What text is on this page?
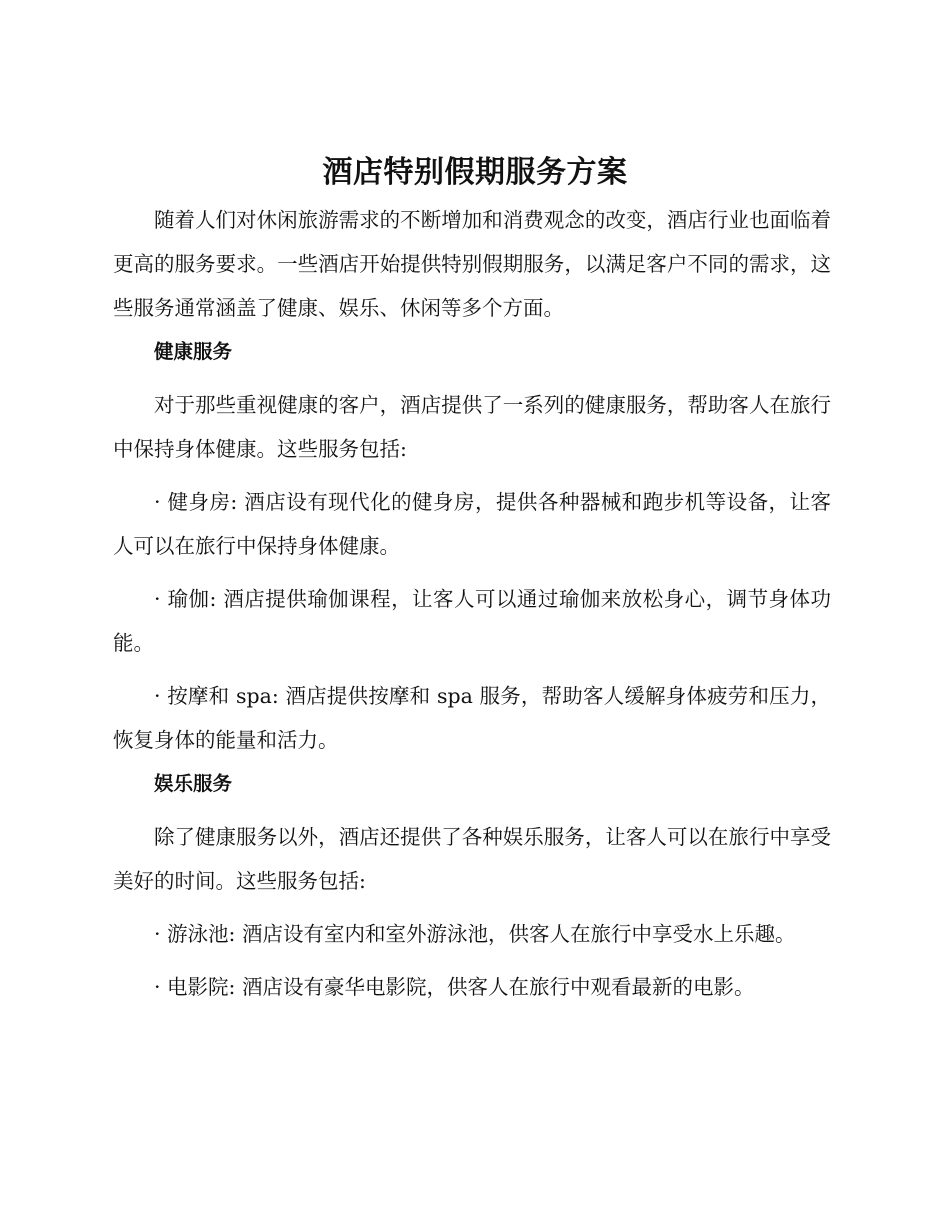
酒店特别假期服务方案

随着人们对休闲旅游需求的不断增加和消费观念的改变，酒店行业也面临着更高的服务要求。一些酒店开始提供特别假期服务，以满足客户不同的需求，这些服务通常涵盖了健康、娱乐、休闲等多个方面。

健康服务

对于那些重视健康的客户，酒店提供了一系列的健康服务，帮助客人在旅行中保持身体健康。这些服务包括:

· 健身房: 酒店设有现代化的健身房，提供各种器械和跑步机等设备，让客人可以在旅行中保持身体健康。

· 瑜伽: 酒店提供瑜伽课程，让客人可以通过瑜伽来放松身心，调节身体功能。

· 按摩和 spa: 酒店提供按摩和 spa 服务，帮助客人缓解身体疲劳和压力，恢复身体的能量和活力。

娱乐服务

除了健康服务以外，酒店还提供了各种娱乐服务，让客人可以在旅行中享受美好的时间。这些服务包括:

· 游泳池: 酒店设有室内和室外游泳池，供客人在旅行中享受水上乐趣。

· 电影院: 酒店设有豪华电影院，供客人在旅行中观看最新的电影。
